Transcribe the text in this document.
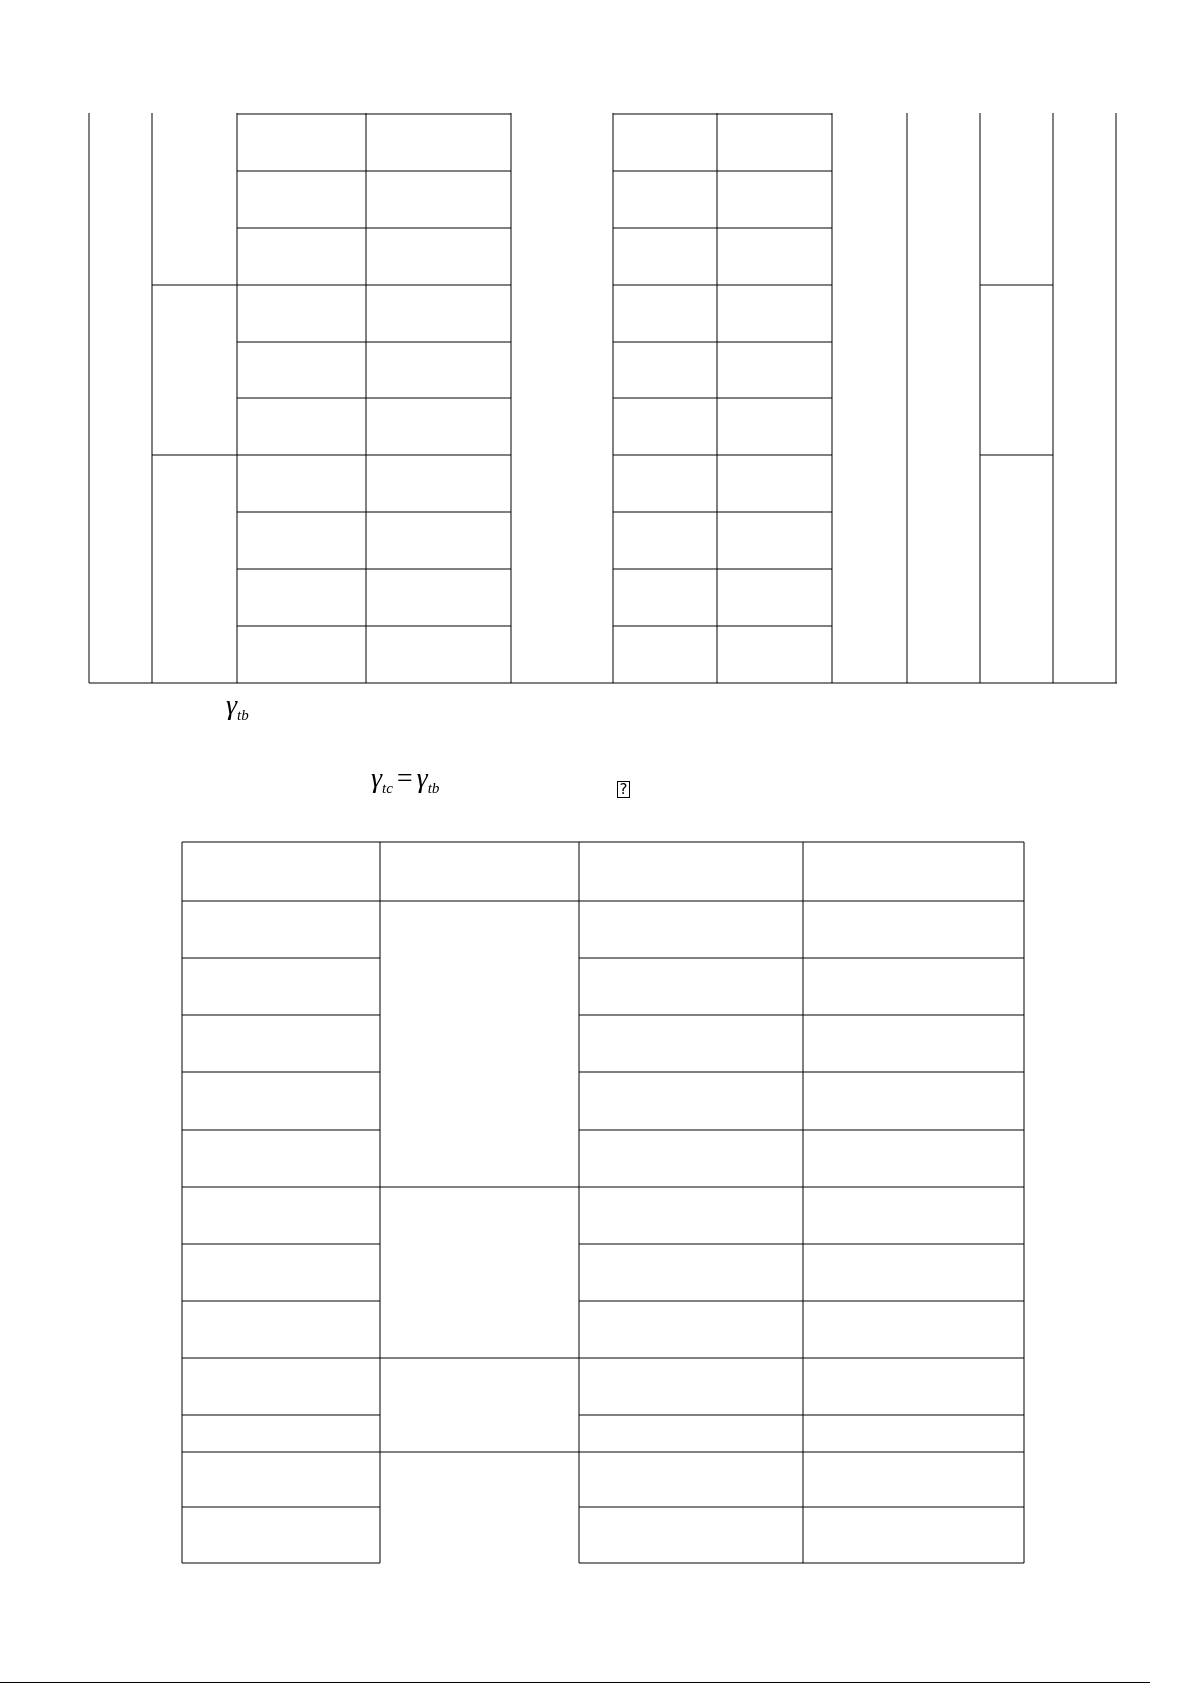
$\gamma_{tb}$
$\gamma_{tc} = \gamma_{tb}$	?
